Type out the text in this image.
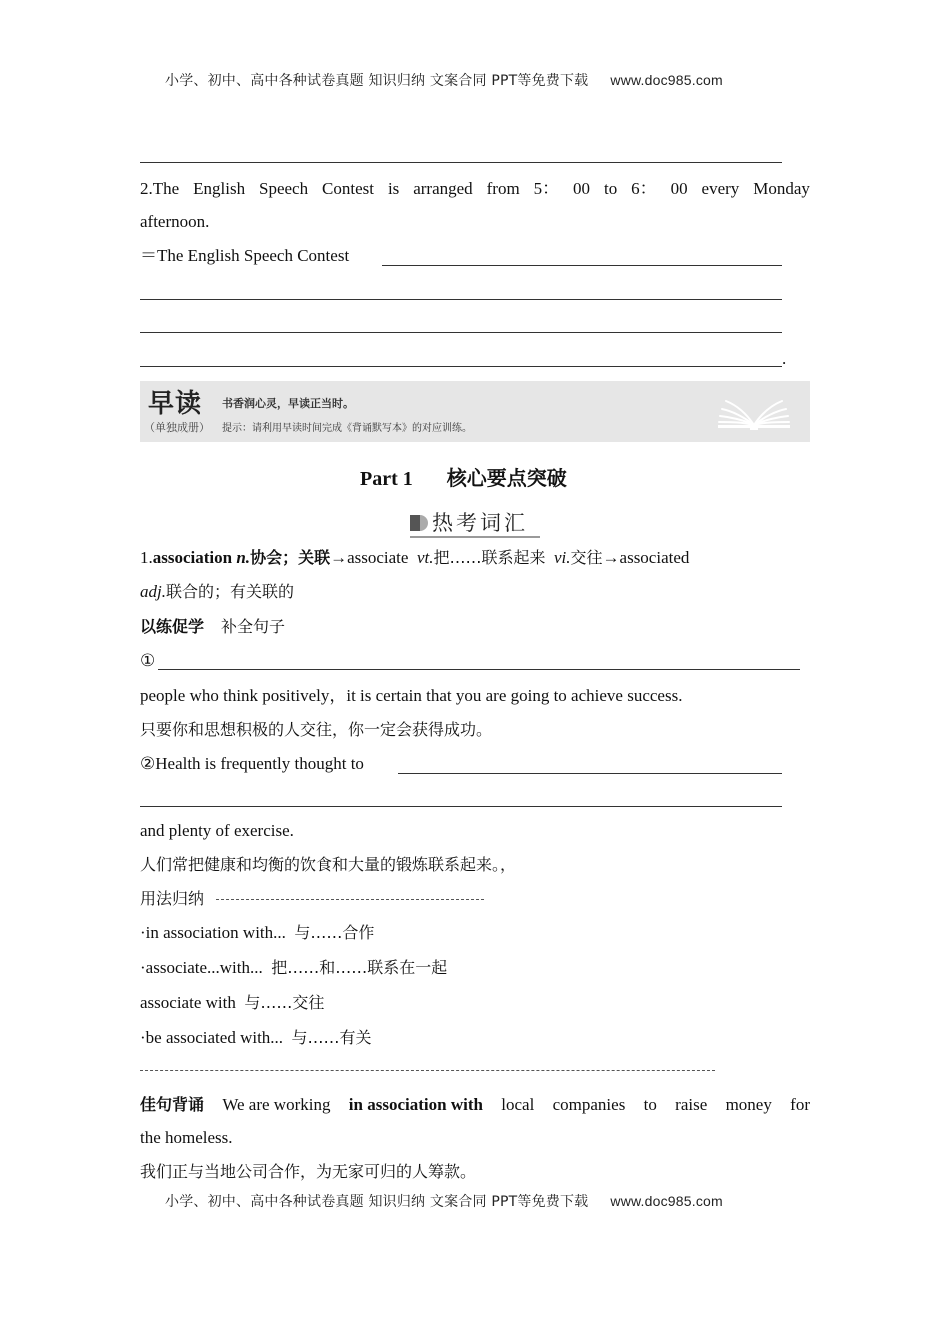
小学、初中、高中各种试卷真题 知识归纳 文案合同 PPT等免费下载 www.doc985.com
2.The English Speech Contest is arranged from 5： 00 to 6： 00 every Monday
afternoon.
＝The English Speech Contest
.
早读
（单独成册）
书香润心灵，早读正当时。
提示：请利用早读时间完成《背诵默写本》的对应训练。
Part 1 核心要点突破
热考词汇
1.association n.协会；关联→associate vt.把……联系起来 vi.交往→associated
adj.联合的；有关联的
以练促学 补全句子
①
people who think positively，it is certain that you are going to achieve success.
只要你和思想积极的人交往，你一定会获得成功。
②Health is frequently thought to
and plenty of exercise.
人们常把健康和均衡的饮食和大量的锻炼联系起来。，
用法归纳
·in association with... 与……合作
·associate...with... 把……和……联系在一起
associate with 与……交往
·be associated with... 与……有关
佳句背诵 We are working in association with local companies to raise money for
the homeless.
我们正与当地公司合作，为无家可归的人筹款。
小学、初中、高中各种试卷真题 知识归纳 文案合同 PPT等免费下载 www.doc985.com
